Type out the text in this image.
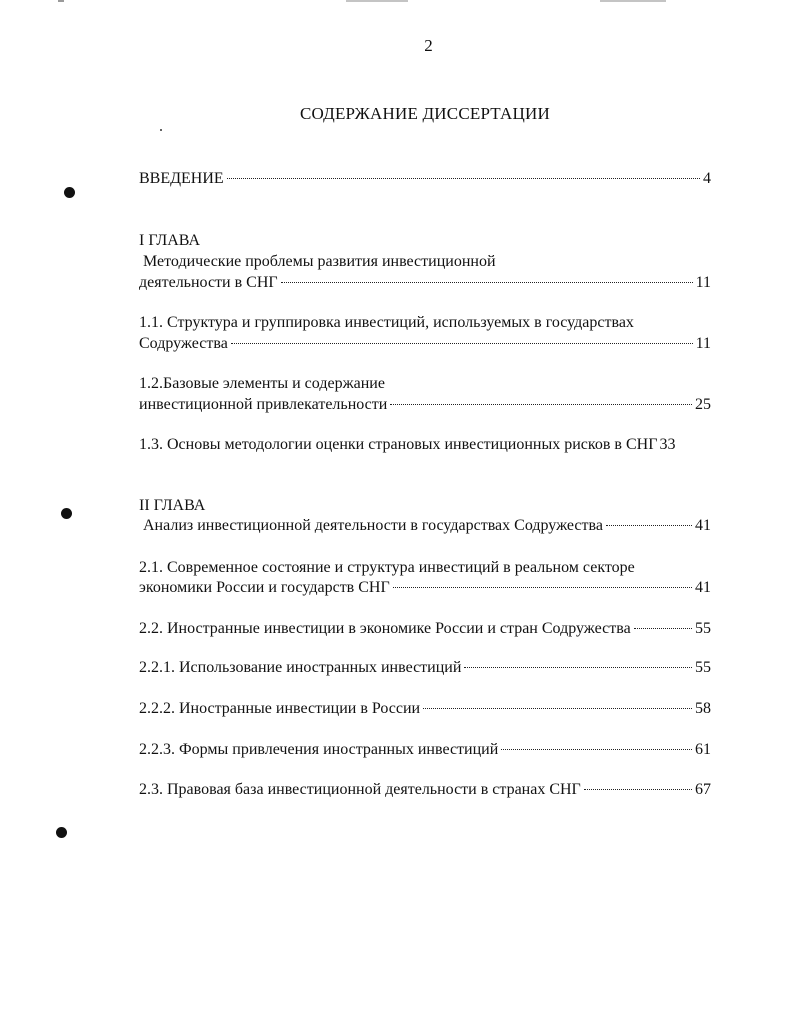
2
СОДЕРЖАНИЕ ДИССЕРТАЦИИ
ВВЕДЕНИЕ	4
I ГЛАВА
Методические проблемы развития инвестиционной
деятельности в СНГ	11
1.1. Структура и группировка инвестиций, используемых в государствах
Содружества	11
1.2.Базовые элементы и содержание
инвестиционной привлекательности	25
1.3. Основы методологии оценки страновых инвестиционных рисков в СНГ 33
II ГЛАВА
Анализ инвестиционной деятельности в государствах Содружества	41
2.1. Современное состояние и структура инвестиций в реальном секторе
экономики России и государств СНГ	41
2.2. Иностранные инвестиции в экономике России и стран Содружества	55
2.2.1. Использование иностранных инвестиций	55
2.2.2. Иностранные инвестиции в России	58
2.2.3. Формы привлечения иностранных инвестиций	61
2.3. Правовая база инвестиционной деятельности в странах СНГ	67
